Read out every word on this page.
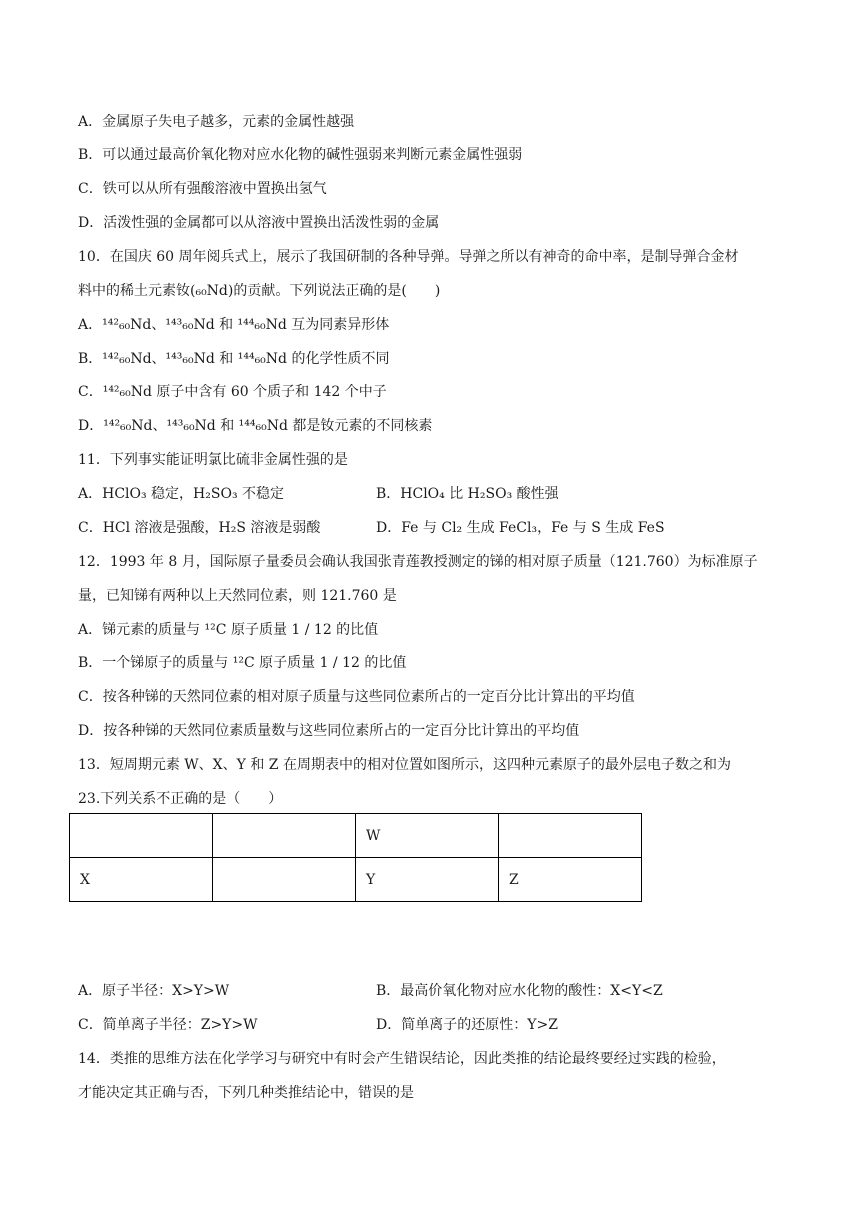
A．金属原子失电子越多，元素的金属性越强
B．可以通过最高价氧化物对应水化物的碱性强弱来判断元素金属性强弱
C．铁可以从所有强酸溶液中置换出氢气
D．活泼性强的金属都可以从溶液中置换出活泼性弱的金属
10．在国庆 60 周年阅兵式上，展示了我国研制的各种导弹。导弹之所以有神奇的命中率，是制导弹合金材
料中的稀土元素钕(₆₀Nd)的贡献。下列说法正确的是(　　)
A．¹⁴²₆₀Nd、¹⁴³₆₀Nd 和 ¹⁴⁴₆₀Nd 互为同素异形体
B．¹⁴²₆₀Nd、¹⁴³₆₀Nd 和 ¹⁴⁴₆₀Nd 的化学性质不同
C．¹⁴²₆₀Nd 原子中含有 60 个质子和 142 个中子
D．¹⁴²₆₀Nd、¹⁴³₆₀Nd 和 ¹⁴⁴₆₀Nd 都是钕元素的不同核素
11．下列事实能证明氯比硫非金属性强的是
A．HClO₃ 稳定，H₂SO₃ 不稳定	B．HClO₄ 比 H₂SO₃ 酸性强
C．HCl 溶液是强酸，H₂S 溶液是弱酸	D．Fe 与 Cl₂ 生成 FeCl₃，Fe 与 S 生成 FeS
12．1993 年 8 月，国际原子量委员会确认我国张青莲教授测定的锑的相对原子质量（121.760）为标准原子
量，已知锑有两种以上天然同位素，则 121.760 是
A．锑元素的质量与 ¹²C 原子质量 1 / 12 的比值
B．一个锑原子的质量与 ¹²C 原子质量 1 / 12 的比值
C．按各种锑的天然同位素的相对原子质量与这些同位素所占的一定百分比计算出的平均值
D．按各种锑的天然同位素质量数与这些同位素所占的一定百分比计算出的平均值
13．短周期元素 W、X、Y 和 Z 在周期表中的相对位置如图所示，这四种元素原子的最外层电子数之和为
23.下列关系不正确的是（　　）
		W	
X		Y	Z
A．原子半径：X>Y>W	B．最高价氧化物对应水化物的酸性：X<Y<Z
C．简单离子半径：Z>Y>W	D．简单离子的还原性：Y>Z
14．类推的思维方法在化学学习与研究中有时会产生错误结论，因此类推的结论最终要经过实践的检验，
才能决定其正确与否，下列几种类推结论中，错误的是
